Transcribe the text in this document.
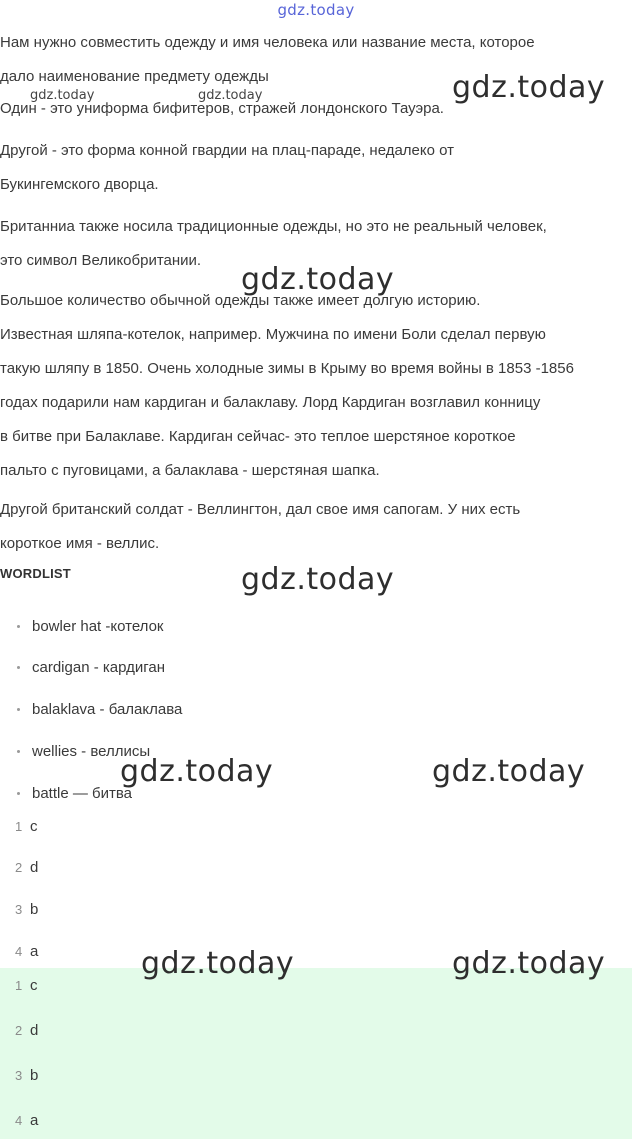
gdz.today
Нам нужно совместить одежду и имя человека или название места, которое
дало наименование предмету одежды
Один - это униформа бифитеров, стражей лондонского Тауэра.
Другой - это форма конной гвардии на плац-параде, недалеко от
Букингемского дворца.
Британниа также носила традиционные одежды, но это не реальный человек,
это символ Великобритании.
Большое количество обычной одежды также имеет долгую историю.
Известная шляпа-котелок, например. Мужчина по имени Боли сделал первую
такую шляпу в 1850. Очень холодные зимы в Крыму во время войны в 1853 -1856
годах подарили нам кардиган и балаклаву. Лорд Кардиган возглавил конницу
в битве при Балаклаве. Кардиган сейчас- это теплое шерстяное короткое
пальто с пуговицами, а балаклава - шерстяная шапка.
Другой британский солдат - Веллингтон, дал свое имя сапогам. У них есть
короткое имя - веллис.
WORDLIST
bowler hat -котелок
cardigan - кардиган
balaklava - балаклава
wellies - веллисы
battle — битва
1 c
2 d
3 b
4 a
1 c
2 d
3 b
4 a
gdz.today
gdz.today	gdz.today
gdz.today
gdz.today
gdz.today	gdz.today
gdz.today	gdz.today
